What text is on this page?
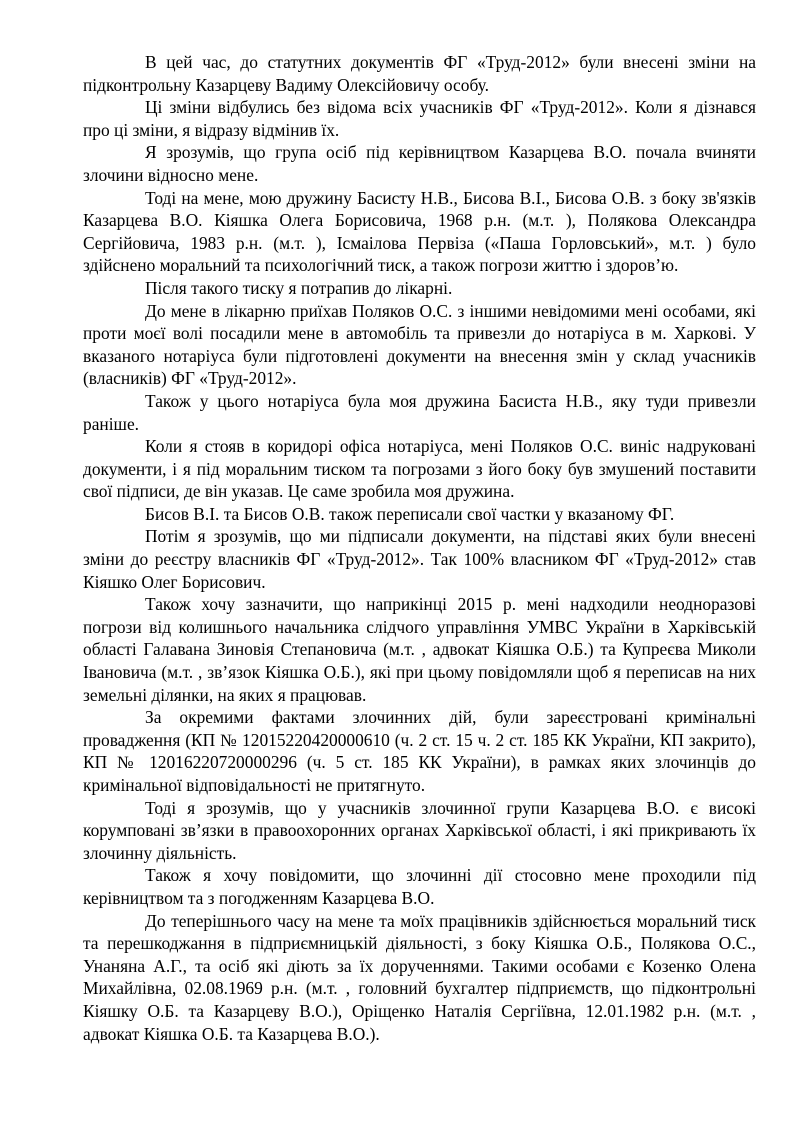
В цей час, до статутних документів ФГ «Труд-2012» були внесені зміни на підконтрольну Казарцеву Вадиму Олексійовичу особу.

Ці зміни відбулись без відома всіх учасників ФГ «Труд-2012». Коли я дізнався про ці зміни, я відразу відмінив їх.

Я зрозумів, що група осіб під керівництвом Казарцева В.О. почала вчиняти злочини відносно мене.

Тоді на мене, мою дружину Басисту Н.В., Бисова В.І., Бисова О.В. з боку зв'язків Казарцева В.О. Кіяшка Олега Борисовича, 1968 р.н. (м.т. ), Полякова Олександра Сергійовича, 1983 р.н. (м.т. ), Ісмаілова Первіза («Паша Горловський», м.т. ) було здійснено моральний та психологічний тиск, а також погрози життю і здоров’ю.

Після такого тиску я потрапив до лікарні.

До мене в лікарню приїхав Поляков О.С. з іншими невідомими мені особами, які проти моєї волі посадили мене в автомобіль та привезли до нотаріуса в м. Харкові. У вказаного нотаріуса були підготовлені документи на внесення змін у склад учасників (власників) ФГ «Труд-2012».

Також у цього нотаріуса була моя дружина Басиста Н.В., яку туди привезли раніше.

Коли я стояв в коридорі офіса нотаріуса, мені Поляков О.С. виніс надруковані документи, і я під моральним тиском та погрозами з його боку був змушений поставити свої підписи, де він указав. Це саме зробила моя дружина.

Бисов В.І. та Бисов О.В. також переписали свої частки у вказаному ФГ.

Потім я зрозумів, що ми підписали документи, на підставі яких були внесені зміни до реєстру власників ФГ «Труд-2012». Так 100% власником ФГ «Труд-2012» став Кіяшко Олег Борисович.

Також хочу зазначити, що наприкінці 2015 р. мені надходили неодноразові погрози від колишнього начальника слідчого управління УМВС України в Харківській області Галавана Зиновія Степановича (м.т. , адвокат Кіяшка О.Б.) та Купреєва Миколи Івановича (м.т. , зв’язок Кіяшка О.Б.), які при цьому повідомляли щоб я переписав на них земельні ділянки, на яких я працював.

За окремими фактами злочинних дій, були зареєстровані кримінальні провадження (КП № 12015220420000610 (ч. 2 ст. 15 ч. 2 ст. 185 КК України, КП закрито), КП № 12016220720000296 (ч. 5 ст. 185 КК України), в рамках яких злочинців до кримінальної відповідальності не притягнуто.

Тоді я зрозумів, що у учасників злочинної групи Казарцева В.О. є високі корумповані зв’язки в правоохоронних органах Харківської області, і які прикривають їх злочинну діяльність.

Також я хочу повідомити, що злочинні дії стосовно мене проходили під керівництвом та з погодженням Казарцева В.О.

До теперішнього часу на мене та моїх працівників здійснюється моральний тиск та перешкоджання в підприємницькій діяльності, з боку Кіяшка О.Б., Полякова О.С., Унаняна А.Г., та осіб які діють за їх дорученнями. Такими особами є Козенко Олена Михайлівна, 02.08.1969 р.н. (м.т. , головний бухгалтер підприємств, що підконтрольні Кіяшку О.Б. та Казарцеву В.О.), Оріщенко Наталія Сергіївна, 12.01.1982 р.н. (м.т. , адвокат Кіяшка О.Б. та Казарцева В.О.).
